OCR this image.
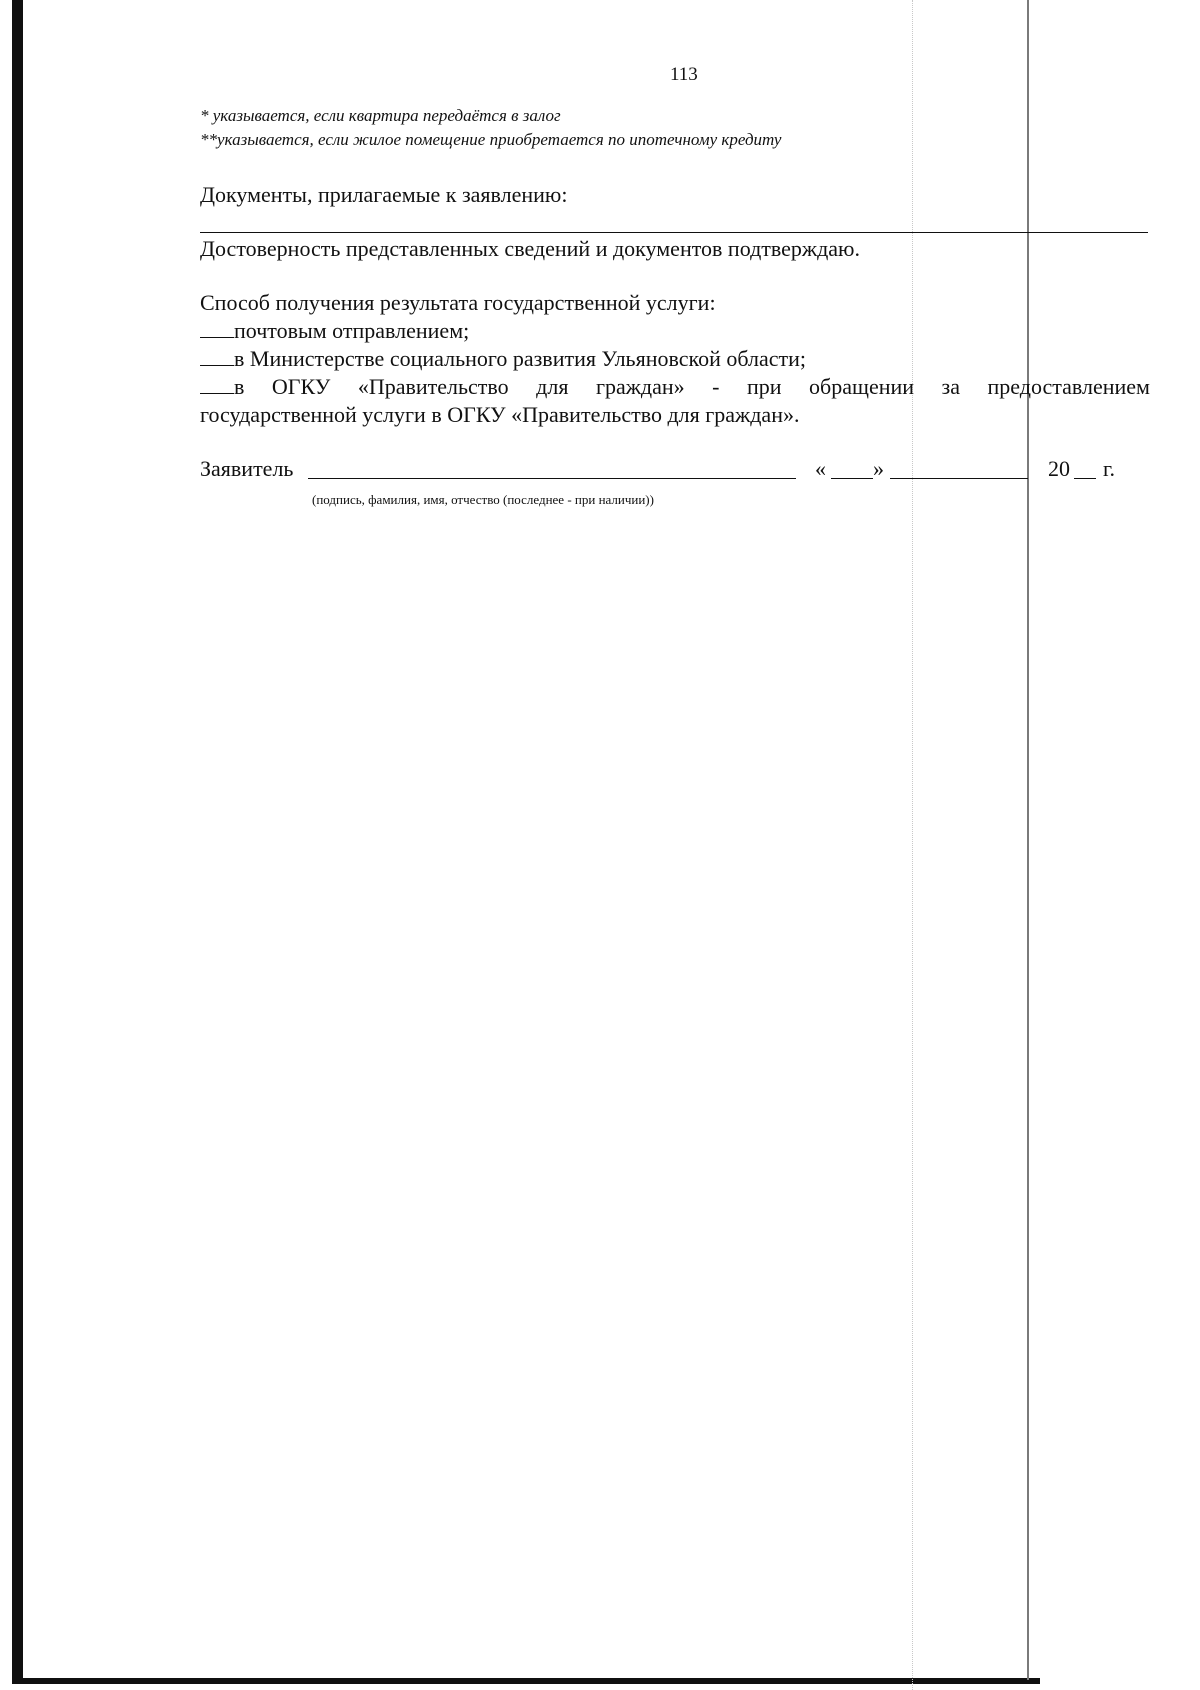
113
* указывается, если квартира передаётся в залог
**указывается, если жилое помещение приобретается по ипотечному кредиту
Документы, прилагаемые к заявлению:
Достоверность представленных сведений и документов подтверждаю.
Способ получения результата государственной услуги:
почтовым отправлением;
в Министерстве социального развития Ульяновской области;
в ОГКУ «Правительство для граждан» - при обращении за предоставлением
государственной услуги в ОГКУ «Правительство для граждан».
Заявитель	« »	20 г.
(подпись, фамилия, имя, отчество (последнее - при наличии))
